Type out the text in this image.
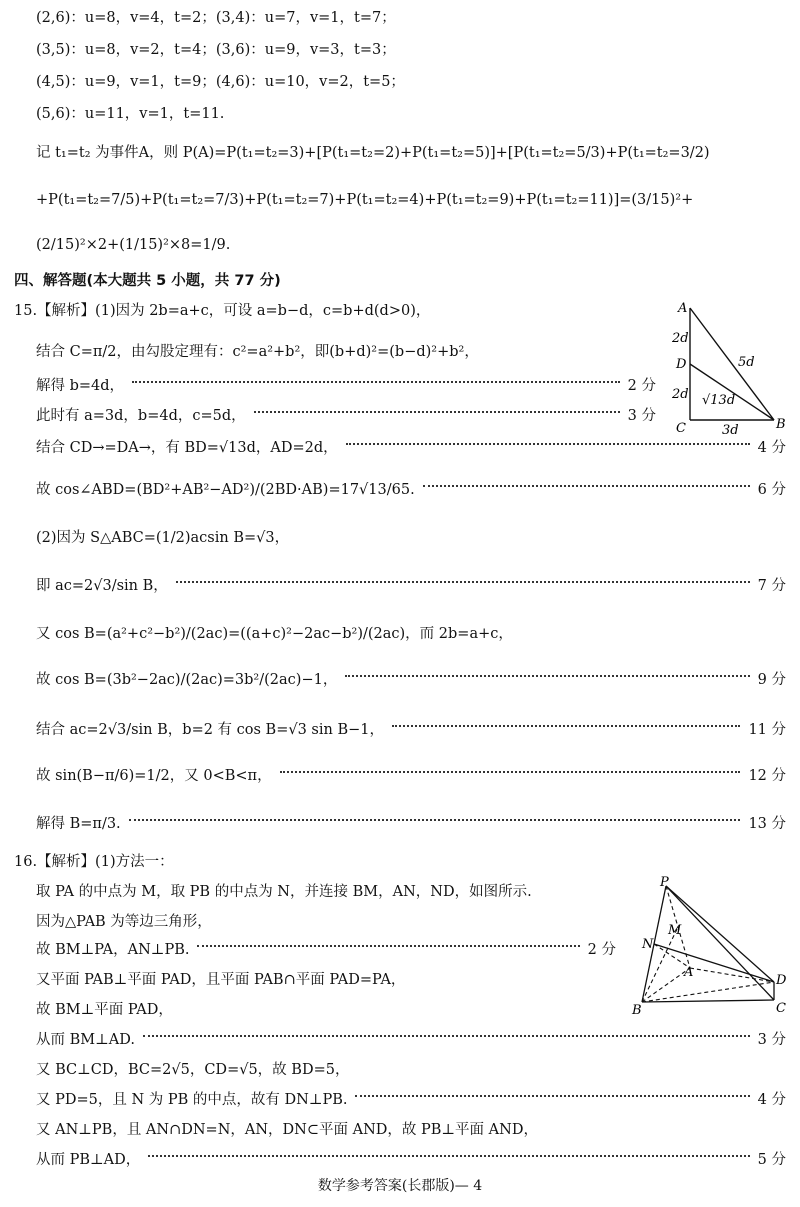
(2,6)：u=8，v=4，t=2；(3,4)：u=7，v=1，t=7；
(3,5)：u=8，v=2，t=4；(3,6)：u=9，v=3，t=3；
(4,5)：u=9，v=1，t=9；(4,6)：u=10，v=2，t=5；
(5,6)：u=11，v=1，t=11.
记 t₁=t₂ 为事件A，则 P(A)=P(t₁=t₂=3)+[P(t₁=t₂=2)+P(t₁=t₂=5)]+[P(t₁=t₂=5/3)+P(t₁=t₂=3/2)
+P(t₁=t₂=7/5)+P(t₁=t₂=7/3)+P(t₁=t₂=7)+P(t₁=t₂=4)+P(t₁=t₂=9)+P(t₁=t₂=11)]=(3/15)²+
(2/15)²×2+(1/15)²×8=1/9.
四、解答题(本大题共 5 小题，共 77 分)
15.【解析】(1)因为 2b=a+c，可设 a=b−d，c=b+d(d>0)，
结合 C=π/2，由勾股定理有：c²=a²+b²，即(b+d)²=(b−d)²+b²，
解得 b=4d，	2 分
此时有 a=3d，b=4d，c=5d，	3 分
结合 CD→=DA→，有 BD=√13d，AD=2d，	4 分
故 cos∠ABD=(BD²+AB²−AD²)/(2BD·AB)=17√13/65.	6 分
(2)因为 S△ABC=(1/2)acsin B=√3，
即 ac=2√3/sin B，	7 分
又 cos B=(a²+c²−b²)/(2ac)=((a+c)²−2ac−b²)/(2ac)，而 2b=a+c，
故 cos B=(3b²−2ac)/(2ac)=3b²/(2ac)−1，	9 分
结合 ac=2√3/sin B，b=2 有 cos B=√3 sin B−1，	11 分
故 sin(B−π/6)=1/2，又 0<B<π，	12 分
解得 B=π/3.	13 分
A
B
C
D
2d
2d
5d
√13d
3d
16.【解析】(1)方法一：
取 PA 的中点为 M，取 PB 的中点为 N，并连接 BM，AN，ND，如图所示.
因为△PAB 为等边三角形，
故 BM⊥PA，AN⊥PB.	2 分
又平面 PAB⊥平面 PAD，且平面 PAB∩平面 PAD=PA，
故 BM⊥平面 PAD，
从而 BM⊥AD.	3 分
又 BC⊥CD，BC=2√5，CD=√5，故 BD=5，
又 PD=5，且 N 为 PB 的中点，故有 DN⊥PB.	4 分
又 AN⊥PB，且 AN∩DN=N，AN，DN⊂平面 AND，故 PB⊥平面 AND，
从而 PB⊥AD，	5 分
P
M
N
A
B	C
D
数学参考答案(长郡版)— 4
